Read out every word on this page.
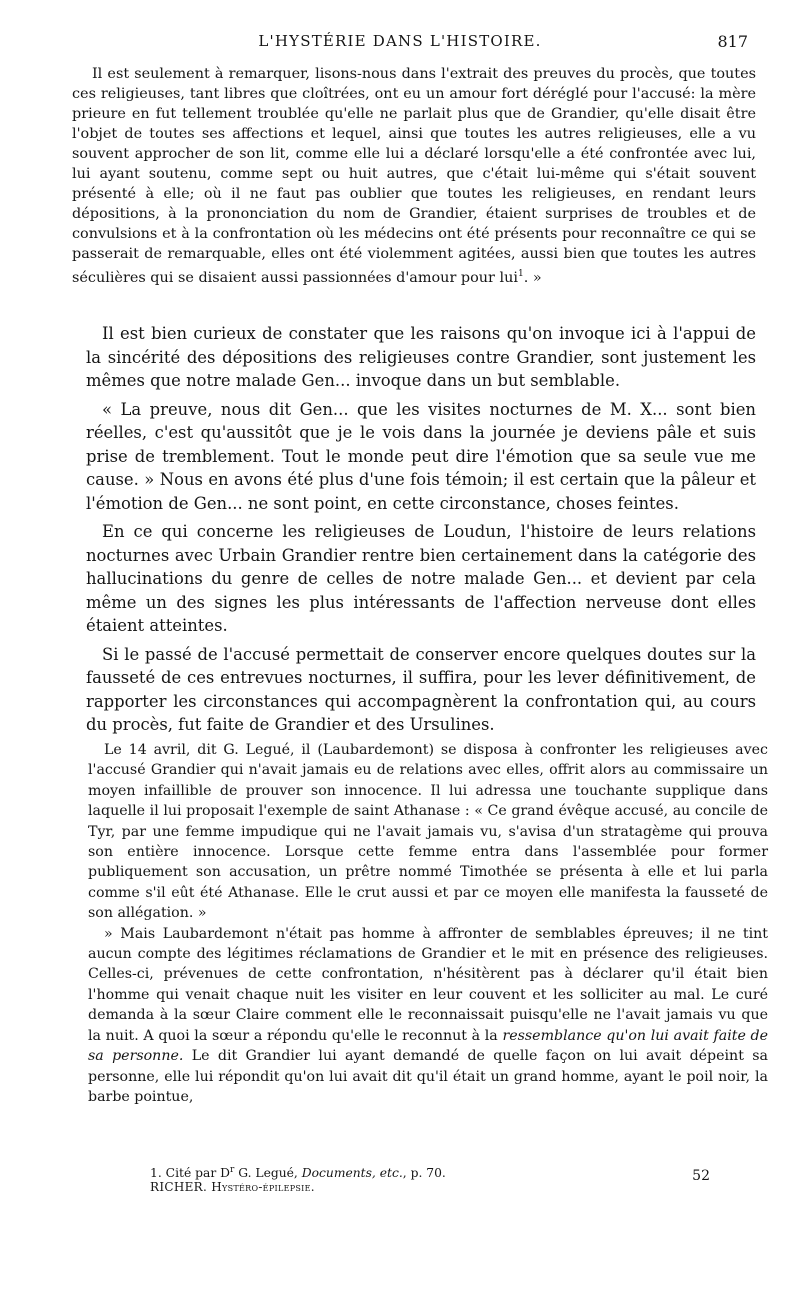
L'HYSTÉRIE DANS L'HISTOIRE.	817

Il est seulement à remarquer, lisons-nous dans l'extrait des preuves du procès, que toutes ces religieuses, tant libres que cloîtrées, ont eu un amour fort déréglé pour l'accusé: la mère prieure en fut tellement troublée qu'elle ne parlait plus que de Grandier, qu'elle disait être l'objet de toutes ses affections et lequel, ainsi que toutes les autres religieuses, elle a vu souvent approcher de son lit, comme elle lui a déclaré lorsqu'elle a été confrontée avec lui, lui ayant soutenu, comme sept ou huit autres, que c'était lui-même qui s'était souvent présenté à elle; où il ne faut pas oublier que toutes les religieuses, en rendant leurs dépositions, à la prononciation du nom de Grandier, étaient surprises de troubles et de convulsions et à la confrontation où les médecins ont été présents pour reconnaître ce qui se passerait de remarquable, elles ont été violemment agitées, aussi bien que toutes les autres séculières qui se disaient aussi passionnées d'amour pour lui$^1$. »

Il est bien curieux de constater que les raisons qu'on invoque ici à l'appui de la sincérité des dépositions des religieuses contre Grandier, sont justement les mêmes que notre malade Gen... invoque dans un but semblable.

« La preuve, nous dit Gen... que les visites nocturnes de M. X... sont bien réelles, c'est qu'aussitôt que je le vois dans la journée je deviens pâle et suis prise de tremblement. Tout le monde peut dire l'émotion que sa seule vue me cause. » Nous en avons été plus d'une fois témoin; il est certain que la pâleur et l'émotion de Gen... ne sont point, en cette circonstance, choses feintes.

En ce qui concerne les religieuses de Loudun, l'histoire de leurs relations nocturnes avec Urbain Grandier rentre bien certainement dans la catégorie des hallucinations du genre de celles de notre malade Gen... et devient par cela même un des signes les plus intéressants de l'affection nerveuse dont elles étaient atteintes.

Si le passé de l'accusé permettait de conserver encore quelques doutes sur la fausseté de ces entrevues nocturnes, il suffira, pour les lever définitivement, de rapporter les circonstances qui accompagnèrent la confrontation qui, au cours du procès, fut faite de Grandier et des Ursulines.

Le 14 avril, dit G. Legué, il (Laubardemont) se disposa à confronter les religieuses avec l'accusé Grandier qui n'avait jamais eu de relations avec elles, offrit alors au commissaire un moyen infaillible de prouver son innocence. Il lui adressa une touchante supplique dans laquelle il lui proposait l'exemple de saint Athanase : « Ce grand évêque accusé, au concile de Tyr, par une femme impudique qui ne l'avait jamais vu, s'avisa d'un stratagème qui prouva son entière innocence. Lorsque cette femme entra dans l'assemblée pour former publiquement son accusation, un prêtre nommé Timothée se présenta à elle et lui parla comme s'il eût été Athanase. Elle le crut aussi et par ce moyen elle manifesta la fausseté de son allégation. »

» Mais Laubardemont n'était pas homme à affronter de semblables épreuves; il ne tint aucun compte des légitimes réclamations de Grandier et le mit en présence des religieuses. Celles-ci, prévenues de cette confrontation, n'hésitèrent pas à déclarer qu'il était bien l'homme qui venait chaque nuit les visiter en leur couvent et les solliciter au mal. Le curé demanda à la sœur Claire comment elle le reconnaissait puisqu'elle ne l'avait jamais vu que la nuit. A quoi la sœur a répondu qu'elle le reconnut à la ressemblance qu'on lui avait faite de sa personne. Le dit Grandier lui ayant demandé de quelle façon on lui avait dépeint sa personne, elle lui répondit qu'on lui avait dit qu'il était un grand homme, ayant le poil noir, la barbe pointue,

1. Cité par $D^r$ G. Legué, Documents, etc., p. 70.
RICHER. Hystéro-épilepsie.
52
